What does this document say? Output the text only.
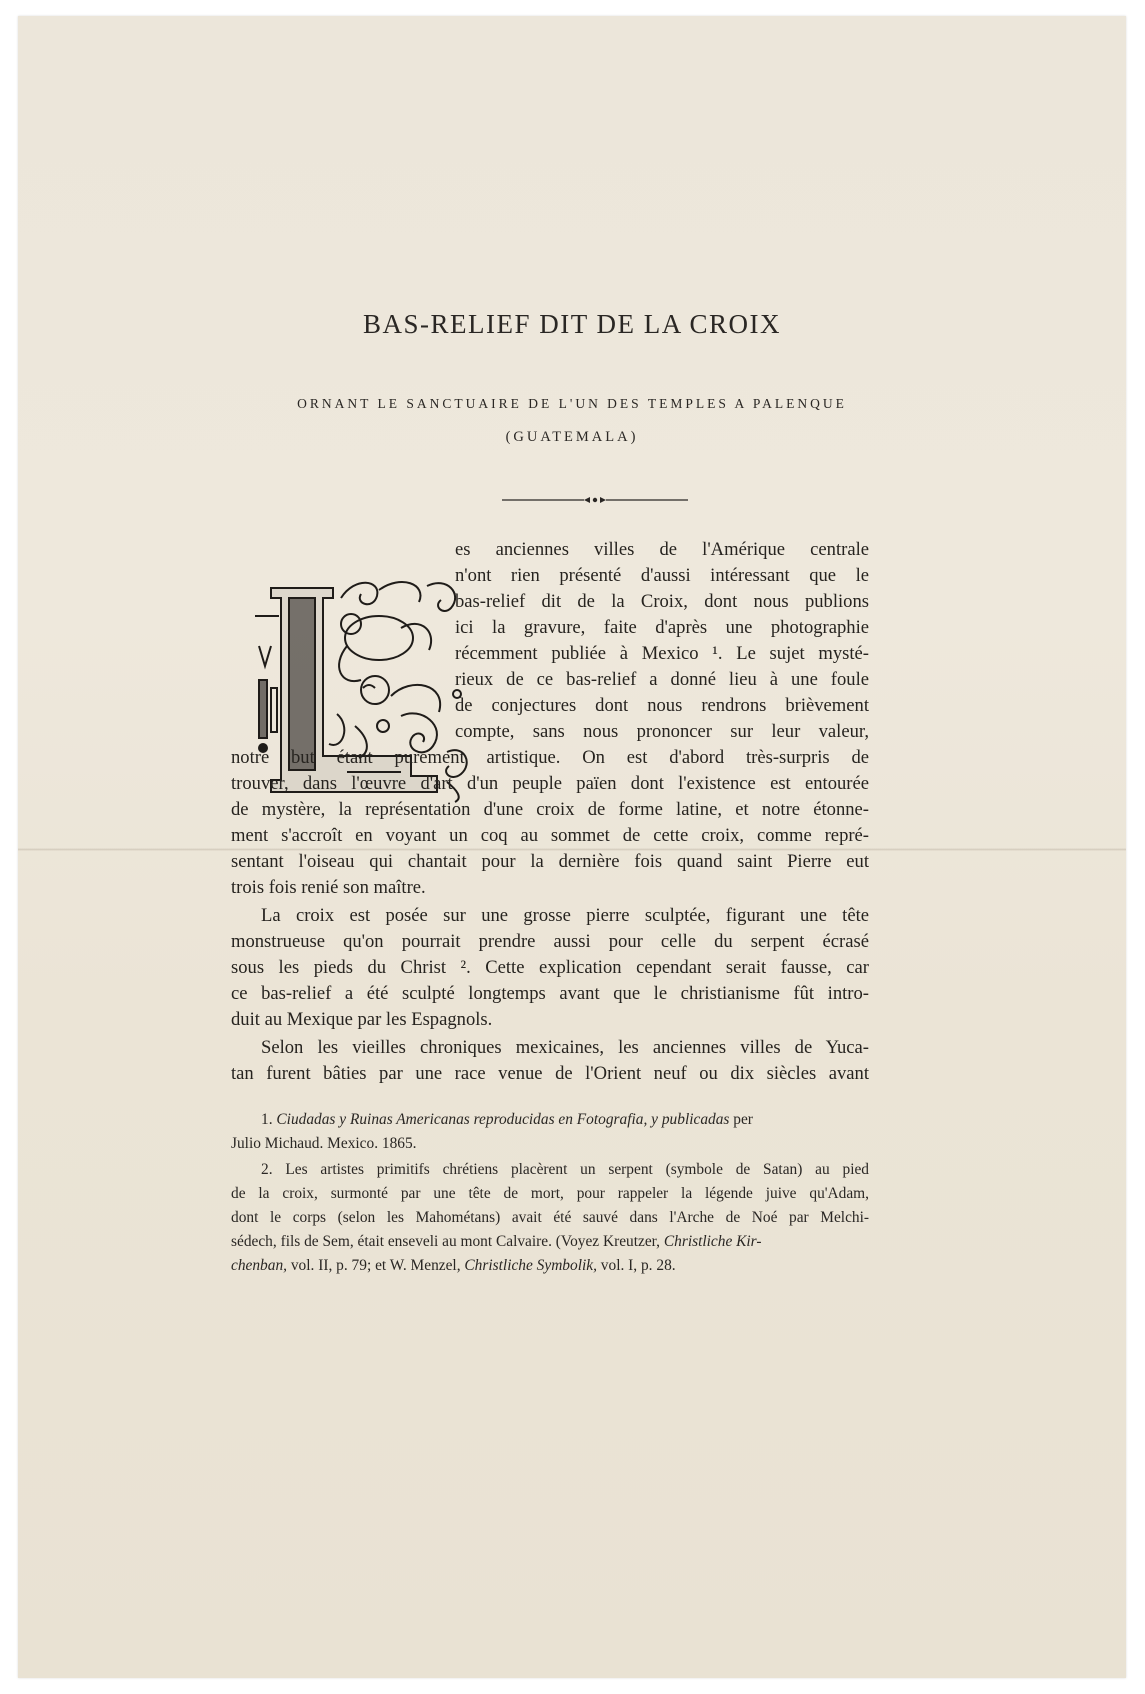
BAS-RELIEF DIT DE LA CROIX
ORNANT LE SANCTUAIRE DE L'UN DES TEMPLES A PALENQUE
(GUATEMALA)
es anciennes villes de l'Amérique centrale
n'ont rien présenté d'aussi intéressant que le
bas-relief dit de la Croix, dont nous publions
ici la gravure, faite d'après une photographie
récemment publiée à Mexico ¹. Le sujet mysté-
rieux de ce bas-relief a donné lieu à une foule
de conjectures dont nous rendrons brièvement
compte, sans nous prononcer sur leur valeur,
notre but étant purement artistique. On est d'abord très-surpris de
trouver, dans l'œuvre d'art d'un peuple païen dont l'existence est entourée
de mystère, la représentation d'une croix de forme latine, et notre étonne-
ment s'accroît en voyant un coq au sommet de cette croix, comme repré-
sentant l'oiseau qui chantait pour la dernière fois quand saint Pierre eut
trois fois renié son maître.
La croix est posée sur une grosse pierre sculptée, figurant une tête
monstrueuse qu'on pourrait prendre aussi pour celle du serpent écrasé
sous les pieds du Christ ². Cette explication cependant serait fausse, car
ce bas-relief a été sculpté longtemps avant que le christianisme fût intro-
duit au Mexique par les Espagnols.
Selon les vieilles chroniques mexicaines, les anciennes villes de Yuca-
tan furent bâties par une race venue de l'Orient neuf ou dix siècles avant
1. Ciudadas y Ruinas Americanas reproducidas en Fotografia, y publicadas per
Julio Michaud. Mexico. 1865.
2. Les artistes primitifs chrétiens placèrent un serpent (symbole de Satan) au pied
de la croix, surmonté par une tête de mort, pour rappeler la légende juive qu'Adam,
dont le corps (selon les Mahométans) avait été sauvé dans l'Arche de Noé par Melchi-
sédech, fils de Sem, était enseveli au mont Calvaire. (Voyez Kreutzer, Christliche Kir-
chenban, vol. II, p. 79; et W. Menzel, Christliche Symbolik, vol. I, p. 28.
